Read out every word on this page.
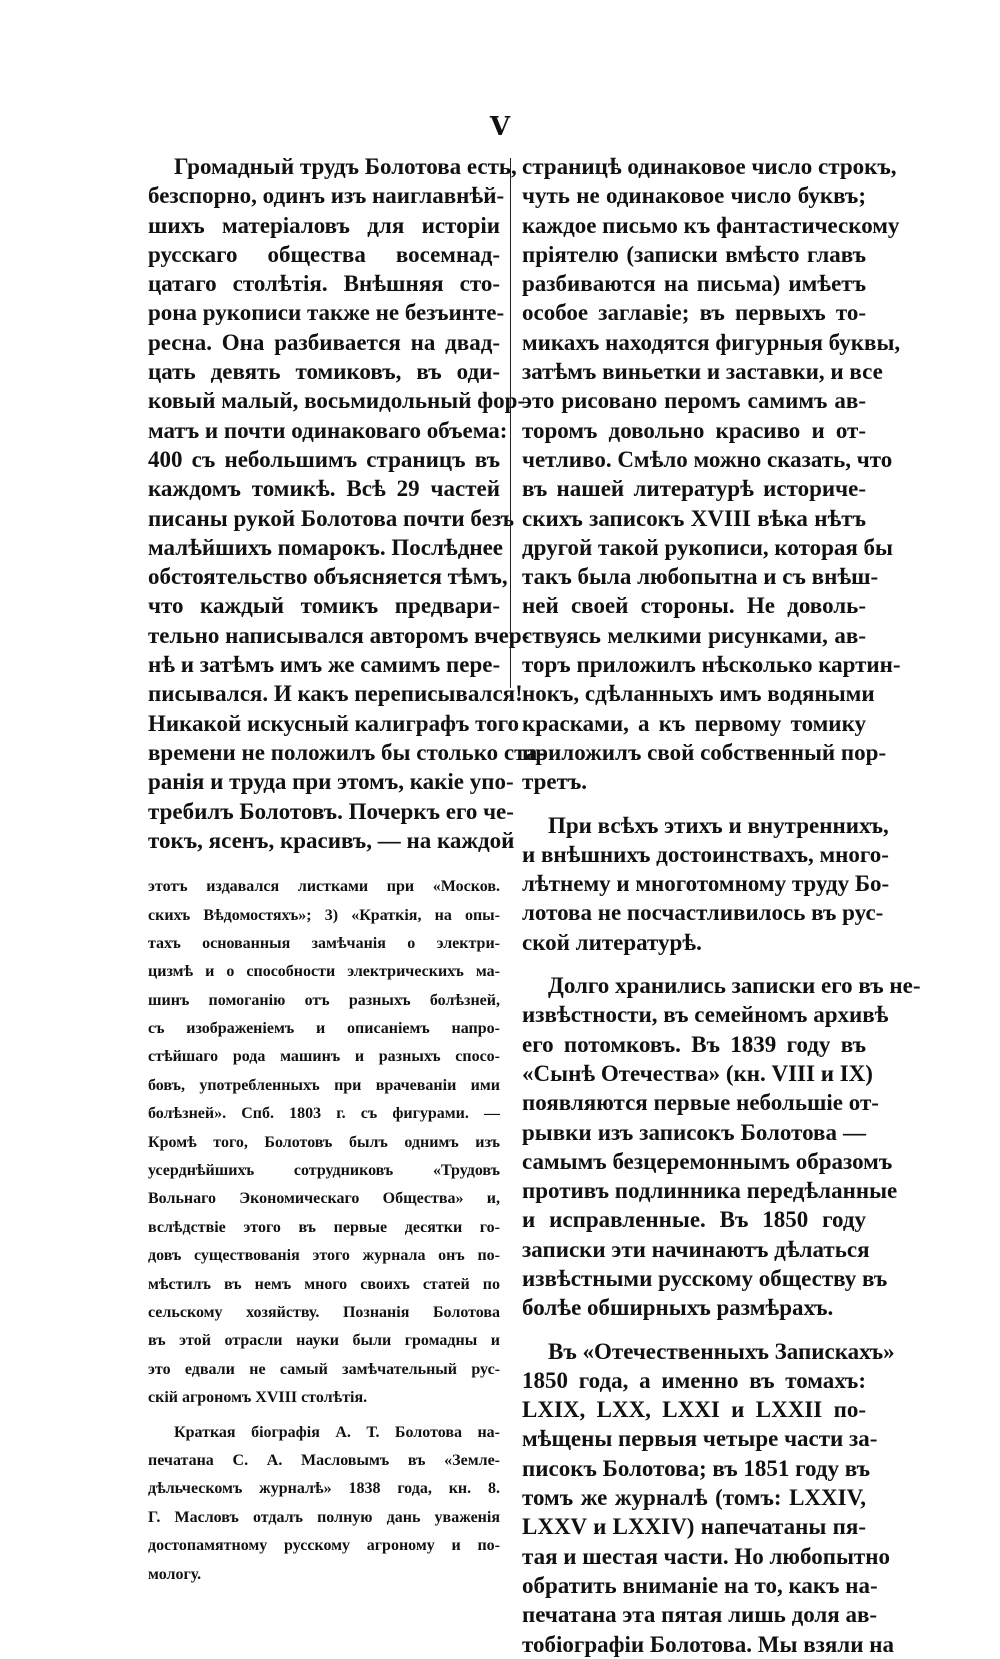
V
Громадный трудъ Болотова есть,
безспорно, одинъ изъ наиглавнѣй-
шихъ матеріаловъ для исторіи
русскаго общества восемнад-
цатаго столѣтія. Внѣшняя сто-
рона рукописи также не безъинте-
ресна. Она разбивается на двад-
цать девять томиковъ, въ оди-
ковый малый, восьмидольный фор-
матъ и почти одинаковаго объема:
400 съ небольшимъ страницъ въ
каждомъ томикѣ. Всѣ 29 частей
писаны рукой Болотова почти безъ
малѣйшихъ помарокъ. Послѣднее
обстоятельство объясняется тѣмъ,
что каждый томикъ предвари-
тельно написывался авторомъ вчер-
нѣ и затѣмъ имъ же самимъ пере-
писывался. И какъ переписывался!
Никакой искусный калиграфъ того
времени не положилъ бы столько ста-
ранія и труда при этомъ, какіе упо-
требилъ Болотовъ. Почеркъ его че-
токъ, ясенъ, красивъ, — на каждой
этотъ издавался листками при «Москов.
скихъ Вѣдомостяхъ»; 3) «Краткія, на опы-
тахъ основанныя замѣчанія о электри-
цизмѣ и о способности электрическихъ ма-
шинъ помоганію отъ разныхъ болѣзней,
съ изображеніемъ и описаніемъ напро-
стѣйшаго рода машинъ и разныхъ спосо-
бовъ, употребленныхъ при врачеваніи ими
болѣзней». Спб. 1803 г. съ фигурами. —
Кромѣ того, Болотовъ былъ однимъ изъ
усерднѣйшихъ сотрудниковъ «Трудовъ
Вольнаго Экономическаго Общества» и,
вслѣдствіе этого въ первые десятки го-
довъ существованія этого журнала онъ по-
мѣстилъ въ немъ много своихъ статей по
сельскому хозяйству. Познанія Болотова
въ этой отрасли науки были громадны и
это едвали не самый замѣчательный рус-
скій агрономъ XVIII столѣтія.
Краткая біографія А. Т. Болотова на-
печатана С. А. Масловымъ въ «Земле-
дѣльческомъ журналѣ» 1838 года, кн. 8.
Г. Масловъ отдалъ полную дань уваженія
достопамятному русскому агроному и по-
мологу.
страницѣ одинаковое число строкъ,
чуть не одинаковое число буквъ;
каждое письмо къ фантастическому
пріятелю (записки вмѣсто главъ
разбиваются на письма) имѣетъ
особое заглавіе; въ первыхъ то-
микахъ находятся фигурныя буквы,
затѣмъ виньетки и заставки, и все
это рисовано перомъ самимъ ав-
торомъ довольно красиво и от-
четливо. Смѣло можно сказать, что
въ нашей литературѣ историче-
скихъ записокъ XVIII вѣка нѣтъ
другой такой рукописи, которая бы
такъ была любопытна и съ внѣш-
ней своей стороны. Не доволь-
ствуясь мелкими рисунками, ав-
торъ приложилъ нѣсколько картин-
нокъ, сдѣланныхъ имъ водяными
красками, а къ первому томику
приложилъ свой собственный пор-
третъ.
При всѣхъ этихъ и внутреннихъ,
и внѣшнихъ достоинствахъ, много-
лѣтнему и многотомному труду Бо-
лотова не посчастливилось въ рус-
ской литературѣ.
Долго хранились записки его въ не-
извѣстности, въ семейномъ архивѣ
его потомковъ. Въ 1839 году въ
«Сынѣ Отечества» (кн. VIII и IX)
появляются первые небольшіе от-
рывки изъ записокъ Болотова —
самымъ безцеремоннымъ образомъ
противъ подлинника передѣланные
и исправленные. Въ 1850 году
записки эти начинаютъ дѣлаться
извѣстными русскому обществу въ
болѣе обширныхъ размѣрахъ.
Въ «Отечественныхъ Запискахъ»
1850 года, а именно въ томахъ:
LXIX, LXX, LXXI и LXXII по-
мѣщены первыя четыре части за-
писокъ Болотова; въ 1851 году въ
томъ же журналѣ (томъ: LXXIV,
LXXV и LXXIV) напечатаны пя-
тая и шестая части. Но любопытно
обратить вниманіе на то, какъ на-
печатана эта пятая лишь доля ав-
тобіографіи Болотова. Мы взяли на
